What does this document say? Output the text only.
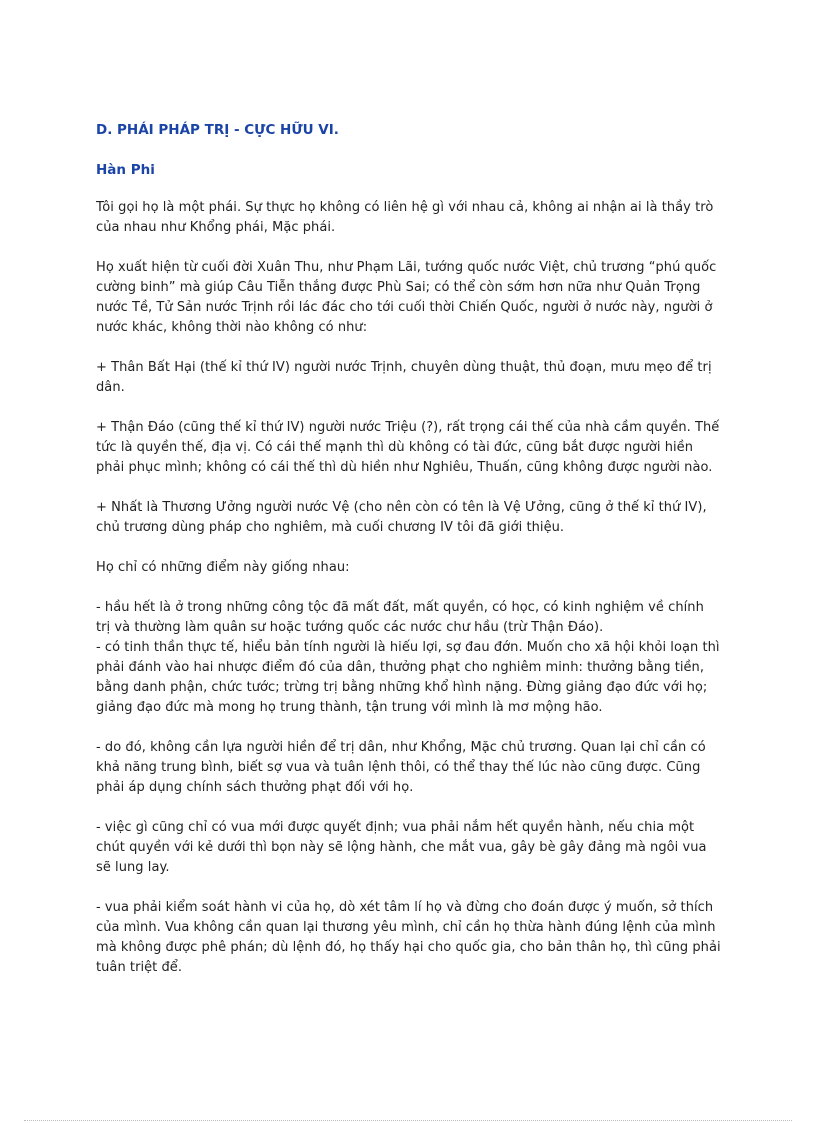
D. PHÁI PHÁP TRỊ - CỰC HỮU VI.
Hàn Phi

Tôi gọi họ là một phái. Sự thực họ không có liên hệ gì với nhau cả, không ai nhận ai là thầy trò của nhau như Khổng phái, Mặc phái.

Họ xuất hiện từ cuối đời Xuân Thu, như Phạm Lãi, tướng quốc nước Việt, chủ trương “phú quốc cường binh” mà giúp Câu Tiễn thắng được Phù Sai; có thể còn sớm hơn nữa như Quản Trọng nước Tề, Tử Sản nước Trịnh rồi lác đác cho tới cuối thời Chiến Quốc, người ở nước này, người ở nước khác, không thời nào không có như:

+ Thân Bất Hại (thế kỉ thứ IV) người nước Trịnh, chuyên dùng thuật, thủ đoạn, mưu mẹo để trị dân.

+ Thận Đáo (cũng thế kỉ thứ IV) người nước Triệu (?), rất trọng cái thế của nhà cầm quyền. Thế tức là quyền thế, địa vị. Có cái thế mạnh thì dù không có tài đức, cũng bắt được người hiền phải phục mình; không có cái thế thì dù hiền như Nghiêu, Thuấn, cũng không được người nào.

+ Nhất là Thương Ưởng người nước Vệ (cho nên còn có tên là Vệ Ưởng, cũng ở thế kỉ thứ IV), chủ trương dùng pháp cho nghiêm, mà cuối chương IV tôi đã giới thiệu.

Họ chỉ có những điểm này giống nhau:

- hầu hết là ở trong những công tộc đã mất đất, mất quyền, có học, có kinh nghiệm về chính trị và thường làm quân sư hoặc tướng quốc các nước chư hầu (trừ Thận Đáo).

- có tinh thần thực tế, hiểu bản tính người là hiếu lợi, sợ đau đớn. Muốn cho xã hội khỏi loạn thì phải đánh vào hai nhược điểm đó của dân, thưởng phạt cho nghiêm minh: thưởng bằng tiền, bằng danh phận, chức tước; trừng trị bằng những khổ hình nặng. Đừng giảng đạo đức với họ; giảng đạo đức mà mong họ trung thành, tận trung với mình là mơ mộng hão.

- do đó, không cần lựa người hiền để trị dân, như Khổng, Mặc chủ trương. Quan lại chỉ cần có khả năng trung bình, biết sợ vua và tuân lệnh thôi, có thể thay thế lúc nào cũng được. Cũng phải áp dụng chính sách thưởng phạt đối với họ.

- việc gì cũng chỉ có vua mới được quyết định; vua phải nắm hết quyền hành, nếu chia một chút quyền với kẻ dưới thì bọn này sẽ lộng hành, che mắt vua, gây bè gây đảng mà ngôi vua sẽ lung lay.

- vua phải kiểm soát hành vi của họ, dò xét tâm lí họ và đừng cho đoán được ý muốn, sở thích của mình. Vua không cần quan lại thương yêu mình, chỉ cần họ thừa hành đúng lệnh của mình mà không được phê phán; dù lệnh đó, họ thấy hại cho quốc gia, cho bản thân họ, thì cũng phải tuân triệt để.
